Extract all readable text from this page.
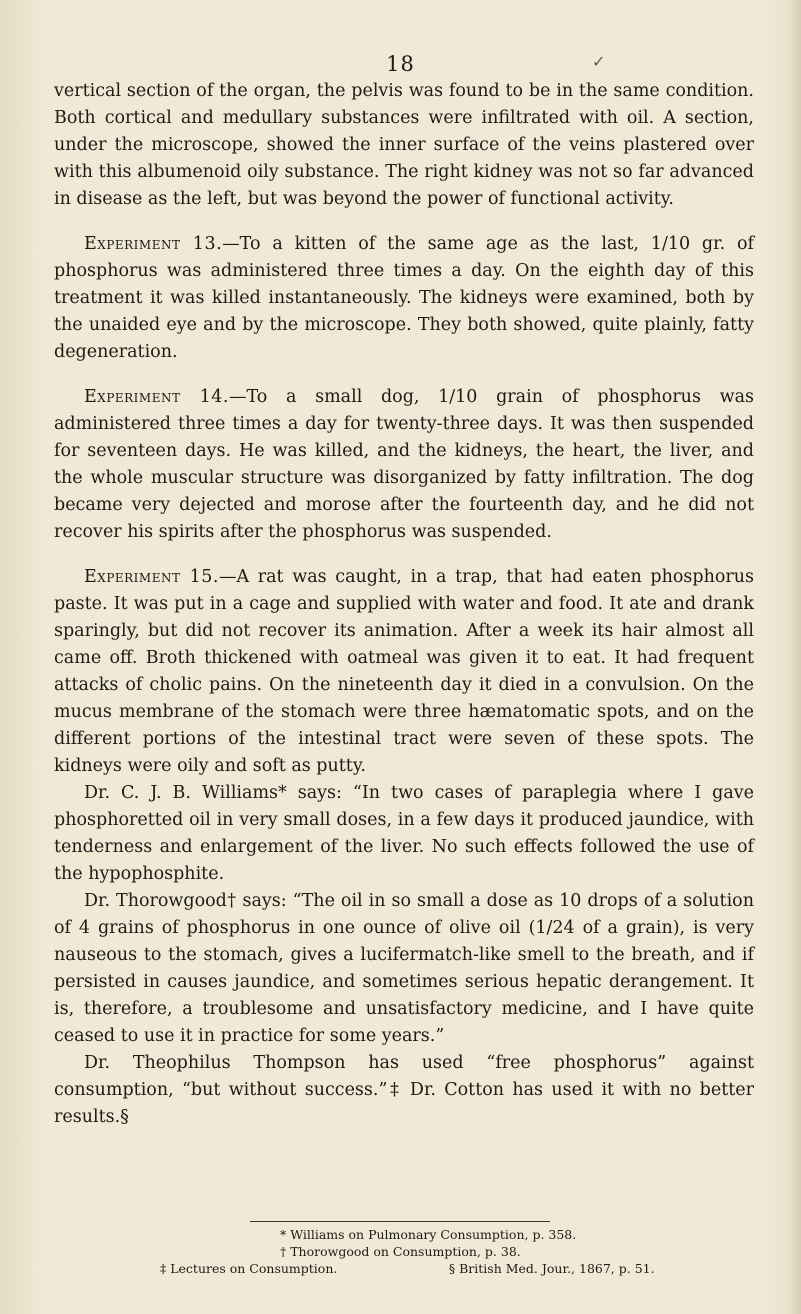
18	✓

vertical section of the organ, the pelvis was found to be in the same condition. Both cortical and medullary substances were infiltrated with oil. A section, under the microscope, showed the inner surface of the veins plastered over with this albumenoid oily substance. The right kidney was not so far advanced in disease as the left, but was beyond the power of functional activity.

Experiment 13.—To a kitten of the same age as the last, 1/10 gr. of phosphorus was administered three times a day. On the eighth day of this treatment it was killed instantaneously. The kidneys were examined, both by the unaided eye and by the microscope. They both showed, quite plainly, fatty degeneration.

Experiment 14.—To a small dog, 1/10 grain of phosphorus was administered three times a day for twenty-three days. It was then suspended for seventeen days. He was killed, and the kidneys, the heart, the liver, and the whole muscular structure was disorganized by fatty infiltration. The dog became very dejected and morose after the fourteenth day, and he did not recover his spirits after the phosphorus was suspended.

Experiment 15.—A rat was caught, in a trap, that had eaten phosphorus paste. It was put in a cage and supplied with water and food. It ate and drank sparingly, but did not recover its animation. After a week its hair almost all came off. Broth thickened with oatmeal was given it to eat. It had frequent attacks of cholic pains. On the nineteenth day it died in a convulsion. On the mucus membrane of the stomach were three hæmatomatic spots, and on the different portions of the intestinal tract were seven of these spots. The kidneys were oily and soft as putty.

Dr. C. J. B. Williams* says: “In two cases of paraplegia where I gave phosphoretted oil in very small doses, in a few days it produced jaundice, with tenderness and enlargement of the liver. No such effects followed the use of the hypophosphite.

Dr. Thorowgood† says: “The oil in so small a dose as 10 drops of a solution of 4 grains of phosphorus in one ounce of olive oil (1/24 of a grain), is very nauseous to the stomach, gives a lucifermatch-like smell to the breath, and if persisted in causes jaundice, and sometimes serious hepatic derangement. It is, therefore, a troublesome and unsatisfactory medicine, and I have quite ceased to use it in practice for some years.”

Dr. Theophilus Thompson has used “free phosphorus” against consumption, “but without success.”‡ Dr. Cotton has used it with no better results.§

* Williams on Pulmonary Consumption, p. 358.
† Thorowgood on Consumption, p. 38.
‡ Lectures on Consumption.	§ British Med. Jour., 1867, p. 51.
